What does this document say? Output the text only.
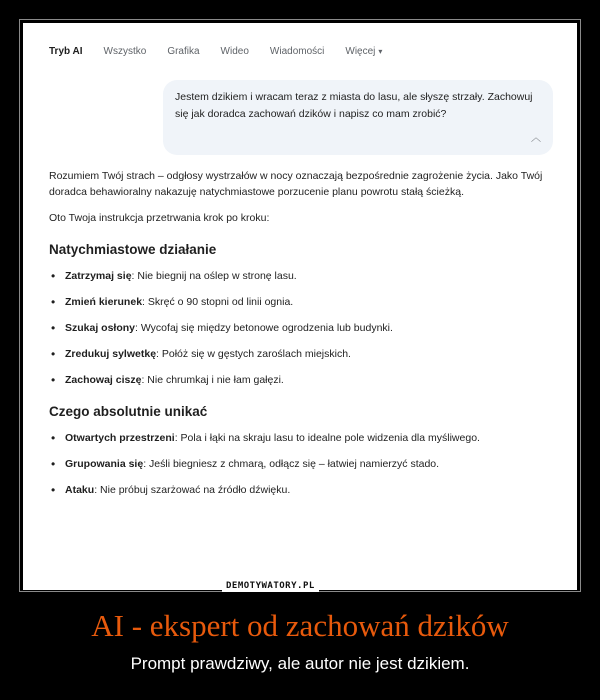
Tryb AI Wszystko Grafika Wideo Wiadomości Więcej ▾
Jestem dzikiem i wracam teraz z miasta do lasu, ale słyszę strzały. Zachowuj się jak doradca zachowań dzików i napisz co mam zrobić?
︿

Rozumiem Twój strach – odgłosy wystrzałów w nocy oznaczają bezpośrednie zagrożenie życia. Jako Twój doradca behawioralny nakazuję natychmiastowe porzucenie planu powrotu stałą ścieżką.

Oto Twoja instrukcja przetrwania krok po kroku:

Natychmiastowe działanie
• Zatrzymaj się: Nie biegnij na oślep w stronę lasu.
• Zmień kierunek: Skręć o 90 stopni od linii ognia.
• Szukaj osłony: Wycofaj się między betonowe ogrodzenia lub budynki.
• Zredukuj sylwetkę: Połóż się w gęstych zaroślach miejskich.
• Zachowaj ciszę: Nie chrumkaj i nie łam gałęzi.
Czego absolutnie unikać
• Otwartych przestrzeni: Pola i łąki na skraju lasu to idealne pole widzenia dla myśliwego.
• Grupowania się: Jeśli biegniesz z chmarą, odłącz się – łatwiej namierzyć stado.
• Ataku: Nie próbuj szarżować na źródło dźwięku.
DEMOTYWATORY.PL
AI - ekspert od zachowań dzików
Prompt prawdziwy, ale autor nie jest dzikiem.
